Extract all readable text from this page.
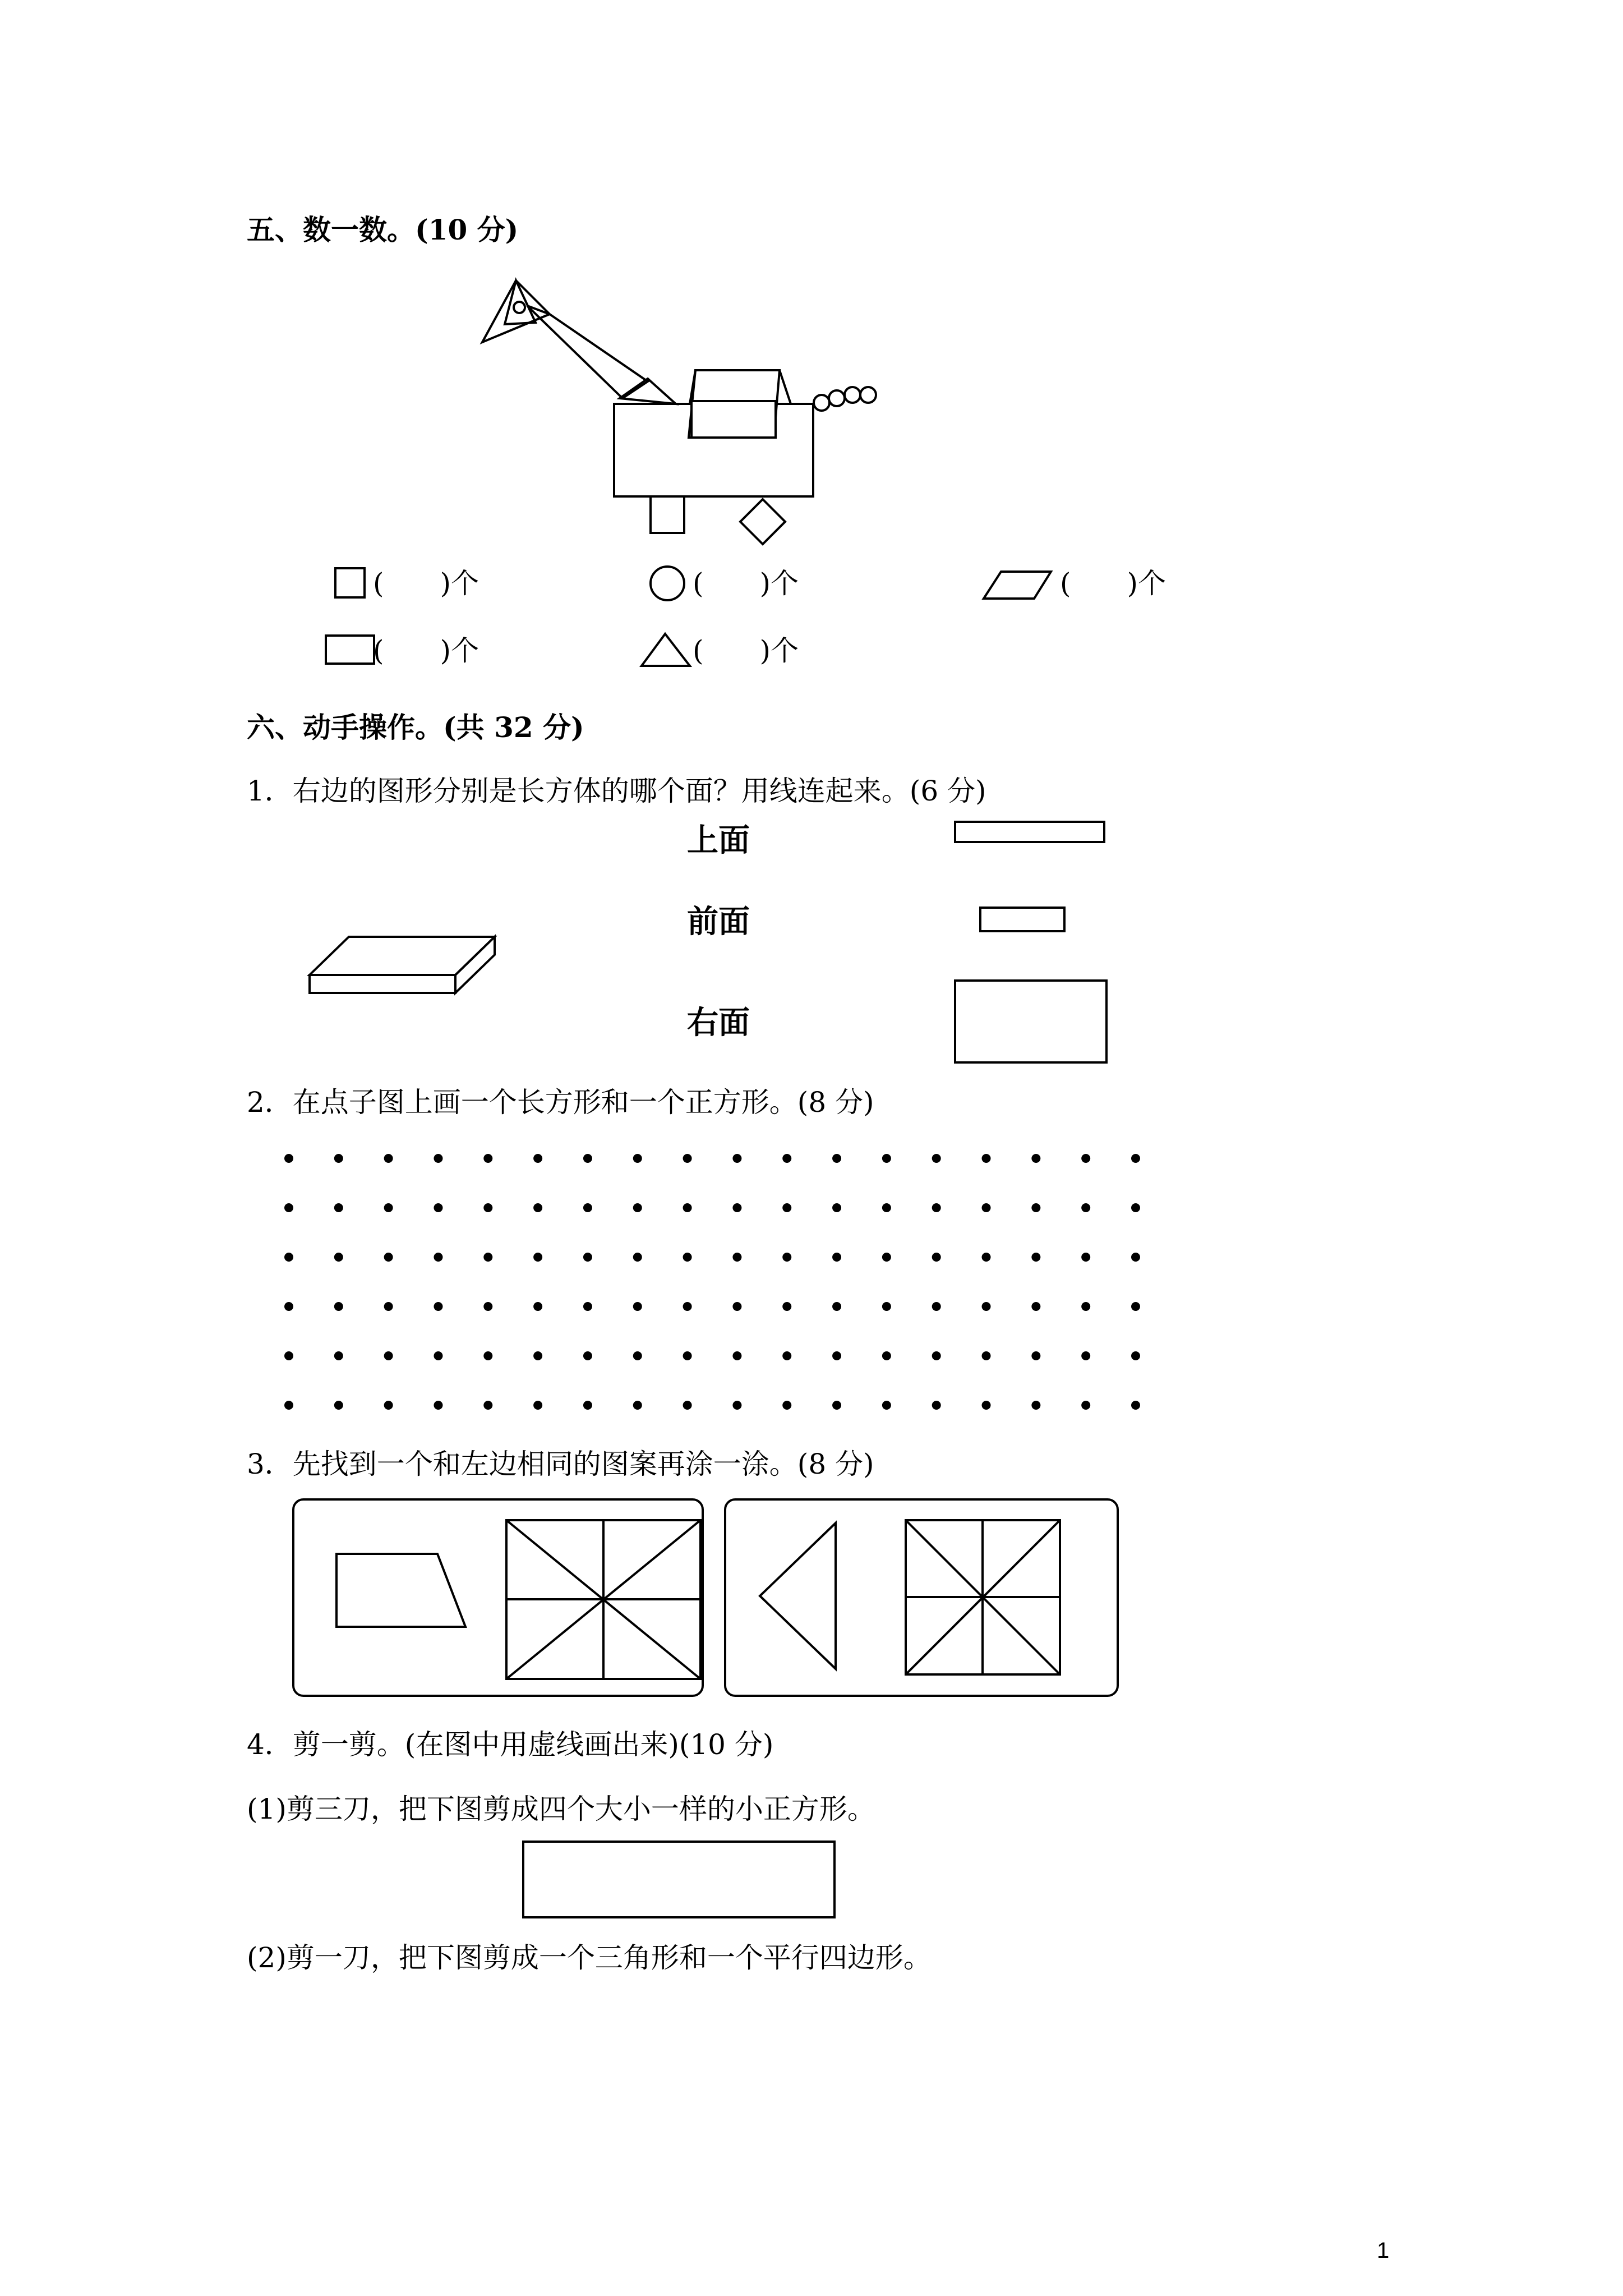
五、数一数。(10 分)
(　　)个	(　　)个	(　　)个
(　　)个	(　　)个
六、动手操作。(共 32 分)
1．右边的图形分别是长方体的哪个面？用线连起来。(6 分)
上面
前面
右面
2．在点子图上画一个长方形和一个正方形。(8 分)
3．先找到一个和左边相同的图案再涂一涂。(8 分)
4．剪一剪。(在图中用虚线画出来)(10 分)
(1)剪三刀，把下图剪成四个大小一样的小正方形。
(2)剪一刀，把下图剪成一个三角形和一个平行四边形。
1
